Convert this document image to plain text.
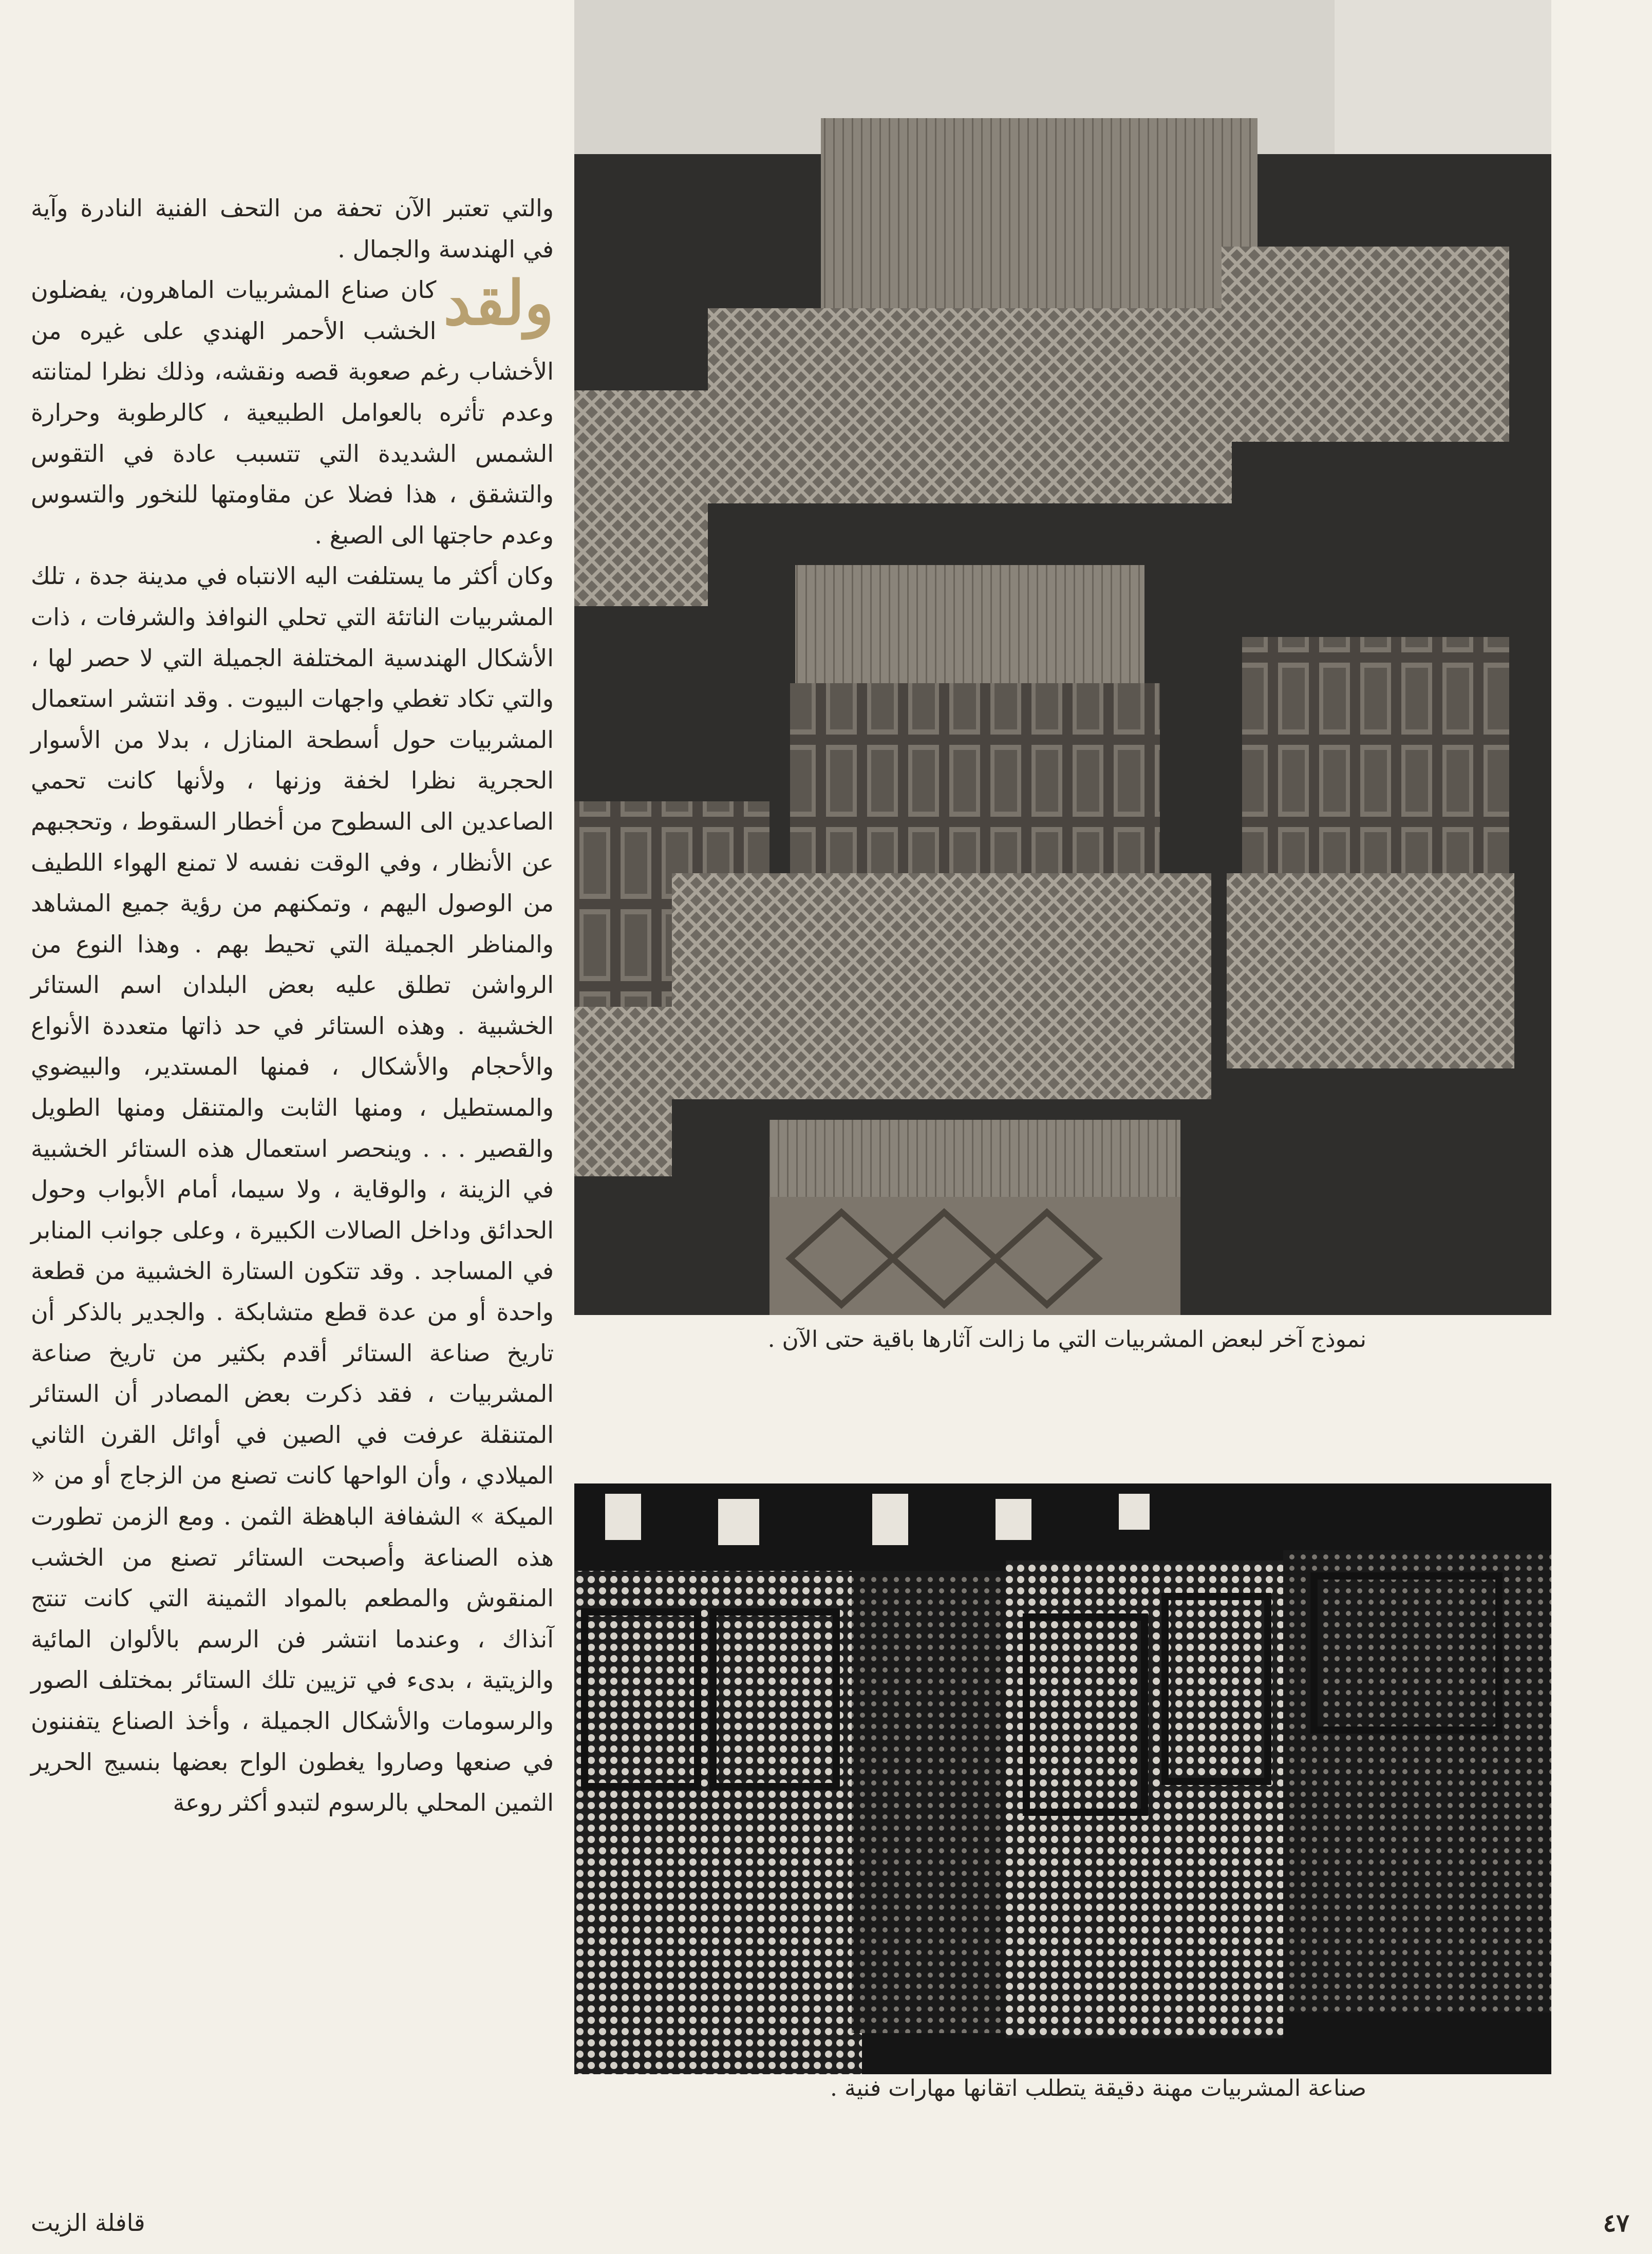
نموذج آخر لبعض المشربيات التي ما زالت آثارها باقية حتى الآن .
صناعة المشربيات مهنة دقيقة يتطلب اتقانها مهارات فنية .

والتي تعتبر الآن تحفة من التحف الفنية النادرة وآية في الهندسة والجمال .

ولقد
كان صناع المشربيات الماهرون، يفضلون الخشب الأحمر الهندي على غيره من الأخشاب رغم صعوبة قصه ونقشه، وذلك نظرا لمتانته وعدم تأثره بالعوامل الطبيعية ، كالرطوبة وحرارة الشمس الشديدة التي تتسبب عادة في التقوس والتشقق ، هذا فضلا عن مقاومتها للنخور والتسوس وعدم حاجتها الى الصبغ .

وكان أكثر ما يستلفت اليه الانتباه في مدينة جدة ، تلك المشربيات الناتئة التي تحلي النوافذ والشرفات ، ذات الأشكال الهندسية المختلفة الجميلة التي لا حصر لها ، والتي تكاد تغطي واجهات البيوت . وقد انتشر استعمال المشربيات حول أسطحة المنازل ، بدلا من الأسوار الحجرية نظرا لخفة وزنها ، ولأنها كانت تحمي الصاعدين الى السطوح من أخطار السقوط ، وتحجبهم عن الأنظار ، وفي الوقت نفسه لا تمنع الهواء اللطيف من الوصول اليهم ، وتمكنهم من رؤية جميع المشاهد والمناظر الجميلة التي تحيط بهم . وهذا النوع من الرواشن تطلق عليه بعض البلدان اسم الستائر الخشبية . وهذه الستائر في حد ذاتها متعددة الأنواع والأحجام والأشكال ، فمنها المستدير، والبيضوي والمستطيل ، ومنها الثابت والمتنقل ومنها الطويل والقصير . . . وينحصر استعمال هذه الستائر الخشبية في الزينة ، والوقاية ، ولا سيما، أمام الأبواب وحول الحدائق وداخل الصالات الكبيرة ، وعلى جوانب المنابر في المساجد . وقد تتكون الستارة الخشبية من قطعة واحدة أو من عدة قطع متشابكة . والجدير بالذكر أن تاريخ صناعة الستائر أقدم بكثير من تاريخ صناعة المشربيات ، فقد ذكرت بعض المصادر أن الستائر المتنقلة عرفت في الصين في أوائل القرن الثاني الميلادي ، وأن الواحها كانت تصنع من الزجاج أو من « الميكة » الشفافة الباهظة الثمن . ومع الزمن تطورت هذه الصناعة وأصبحت الستائر تصنع من الخشب المنقوش والمطعم بالمواد الثمينة التي كانت تنتج آنذاك ، وعندما انتشر فن الرسم بالألوان المائية والزيتية ، بدىء في تزيين تلك الستائر بمختلف الصور والرسومات والأشكال الجميلة ، وأخذ الصناع يتفننون في صنعها وصاروا يغطون الواح بعضها بنسيج الحرير الثمين المحلي بالرسوم لتبدو أكثر روعة

٤٧
قافلة الزيت
